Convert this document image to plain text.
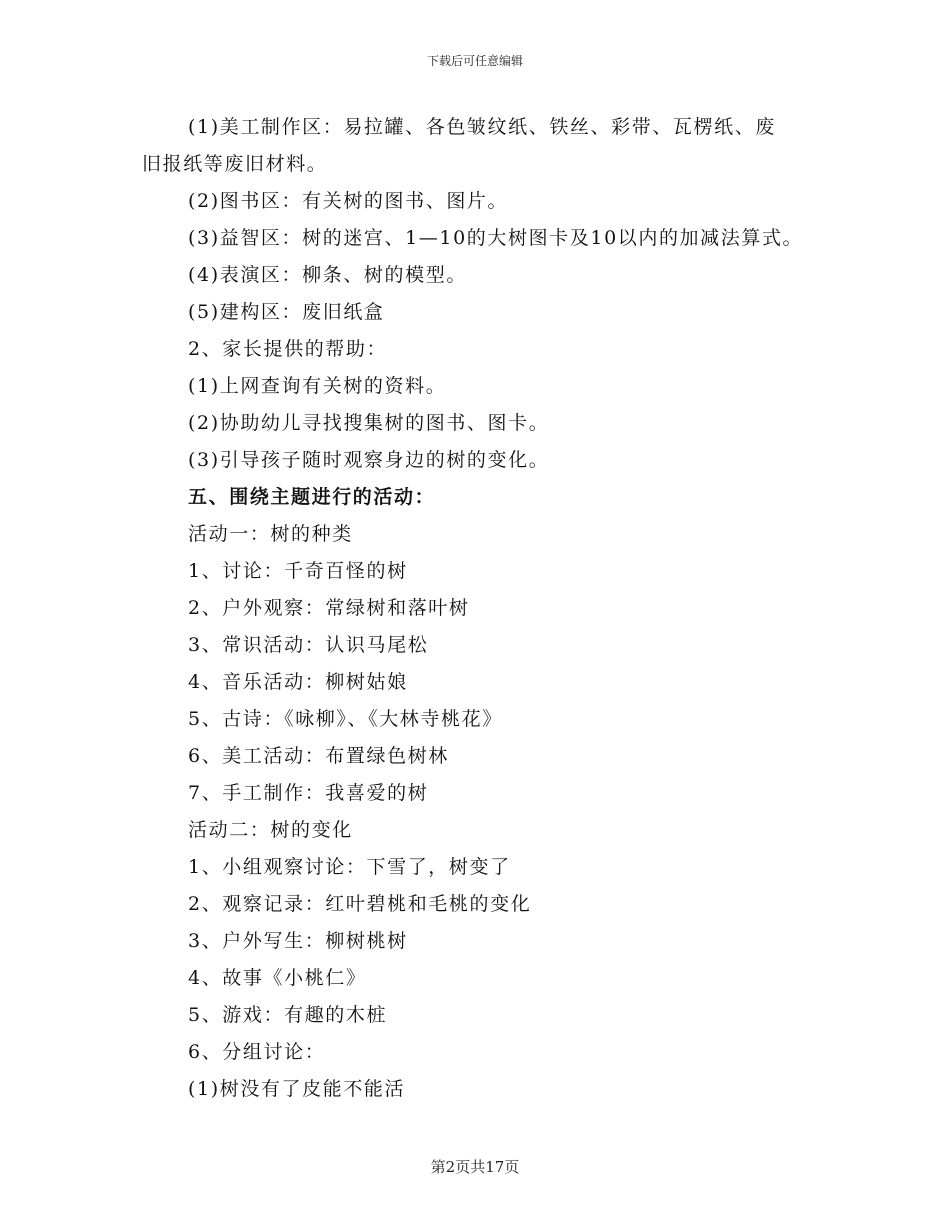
下载后可任意编辑
(1)美工制作区：易拉罐、各色皱纹纸、铁丝、彩带、瓦楞纸、废
旧报纸等废旧材料。
(2)图书区：有关树的图书、图片。
(3)益智区：树的迷宫、1—10的大树图卡及10以内的加减法算式。
(4)表演区：柳条、树的模型。
(5)建构区：废旧纸盒
2、家长提供的帮助：
(1)上网查询有关树的资料。
(2)协助幼儿寻找搜集树的图书、图卡。
(3)引导孩子随时观察身边的树的变化。
五、围绕主题进行的活动：
活动一：树的种类
1、讨论：千奇百怪的树
2、户外观察：常绿树和落叶树
3、常识活动：认识马尾松
4、音乐活动：柳树姑娘
5、古诗：《咏柳》、《大林寺桃花》
6、美工活动：布置绿色树林
7、手工制作：我喜爱的树
活动二：树的变化
1、小组观察讨论：下雪了，树变了
2、观察记录：红叶碧桃和毛桃的变化
3、户外写生：柳树桃树
4、故事《小桃仁》
5、游戏：有趣的木桩
6、分组讨论：
(1)树没有了皮能不能活
第2页共17页
